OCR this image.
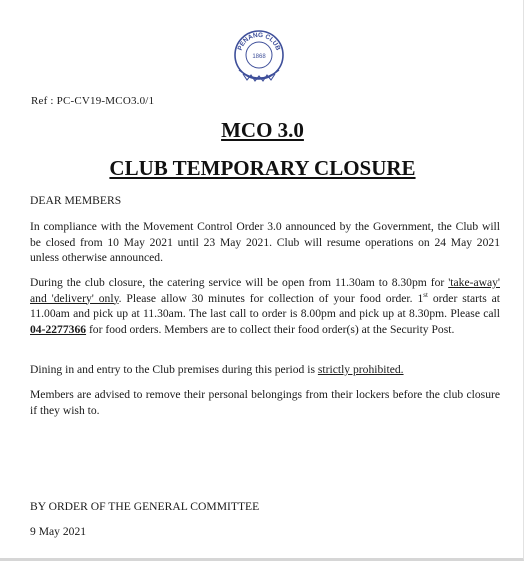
PENANG CLUB
1868
Ref : PC-CV19-MCO3.0/1
MCO 3.0
CLUB TEMPORARY CLOSURE
DEAR MEMBERS

In compliance with the Movement Control Order 3.0 announced by the Government, the Club will be closed from 10 May 2021 until 23 May 2021. Club will resume operations on 24 May 2021 unless otherwise announced.

During the club closure, the catering service will be open from 11.30am to 8.30pm for 'take-away' and 'delivery' only. Please allow 30 minutes for collection of your food order. 1st order starts at 11.00am and pick up at 11.30am. The last call to order is 8.00pm and pick up at 8.30pm. Please call 04-2277366 for food orders. Members are to collect their food order(s) at the Security Post.

Dining in and entry to the Club premises during this period is strictly prohibited.

Members are advised to remove their personal belongings from their lockers before the club closure if they wish to.

BY ORDER OF THE GENERAL COMMITTEE
9 May 2021
